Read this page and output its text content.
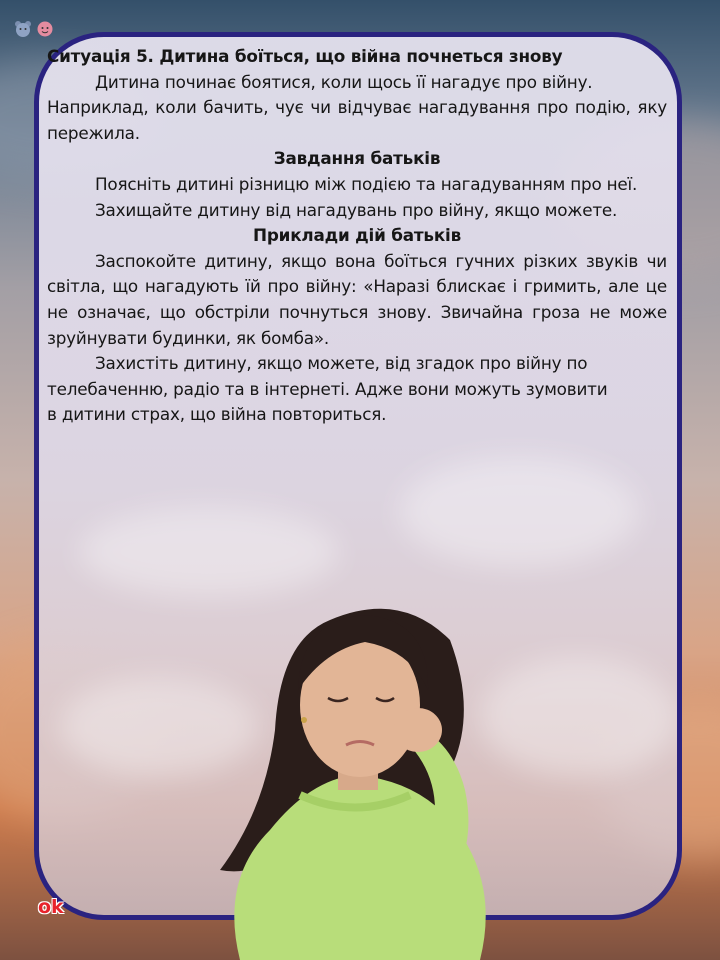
Ситуація 5. Дитина боїться, що війна почнеться знову

Дитина починає боятися, коли щось її нагадує про війну.

Наприклад, коли бачить, чує чи відчуває нагадування про подію, яку пережила.

Завдання батьків

Поясніть дитині різницю між подією та нагадуванням про неї.

Захищайте дитину від нагадувань про війну, якщо можете.

Приклади дій батьків

Заспокойте дитину, якщо вона боїться гучних різких звуків чи світла, що нагадують їй про війну: «Наразі блискає і гримить, але це не означає, що обстріли почнуться знову. Звичайна гроза не може зруйнувати будинки, як бомба».

Захистіть дитину, якщо можете, від згадок про війну по

телебаченню, радіо та в інтернеті. Адже вони можуть зумовити

в дитини страх, що війна повториться.

ok
